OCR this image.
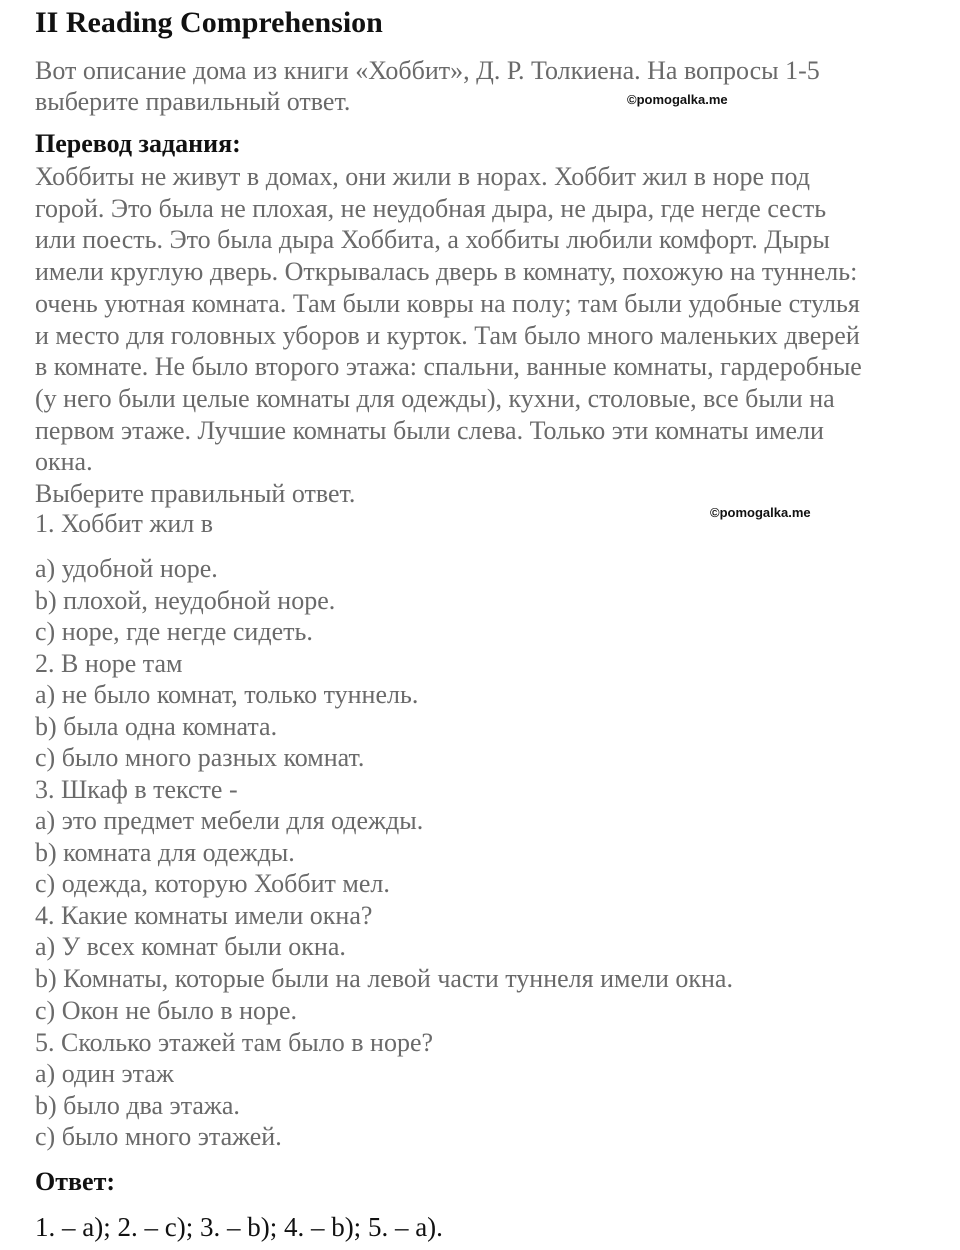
II Reading Comprehension
Вот описание дома из книги «Хоббит», Д. Р. Толкиена. На вопросы 1-5
выберите правильный ответ.
Перевод задания:
Хоббиты не живут в домах, они жили в норах. Хоббит жил в норе под
горой. Это была не плохая, не неудобная дыра, не дыра, где негде сесть
или поесть. Это была дыра Хоббита, а хоббиты любили комфорт. Дыры
имели круглую дверь. Открывалась дверь в комнату, похожую на туннель:
очень уютная комната. Там были ковры на полу; там были удобные стулья
и место для головных уборов и курток. Там было много маленьких дверей
в комнате. Не было второго этажа: спальни, ванные комнаты, гардеробные
(у него были целые комнаты для одежды), кухни, столовые, все были на
первом этаже. Лучшие комнаты были слева. Только эти комнаты имели
окна.
Выберите правильный ответ.
1. Хоббит жил в
a) удобной норе.
b) плохой, неудобной норе.
c) норе, где негде сидеть.
2. В норе там
a) не было комнат, только туннель.
b) была одна комната.
c) было много разных комнат.
3. Шкаф в тексте -
a) это предмет мебели для одежды.
b) комната для одежды.
c) одежда, которую Хоббит мел.
4. Какие комнаты имели окна?
a) У всех комнат были окна.
b) Комнаты, которые были на левой части туннеля имели окна.
c) Окон не было в норе.
5. Сколько этажей там было в норе?
a) один этаж
b) было два этажа.
c) было много этажей.
Ответ:
1. – a); 2. – c); 3. – b); 4. – b); 5. – a).
©pomogalka.me
©pomogalka.me
